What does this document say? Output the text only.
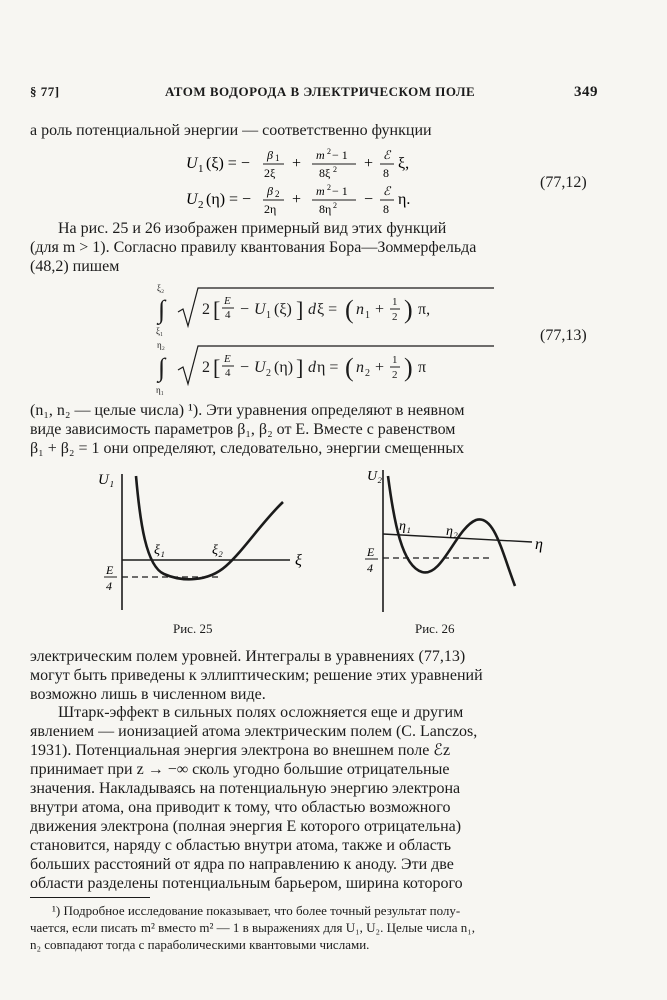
§ 77]	АТОМ ВОДОРОДА В ЭЛЕКТРИЧЕСКОМ ПОЛЕ	349
а роль потенциальной энергии — соответственно функции
U 1 (ξ) = − β 1
2ξ
+ m 2 − 1
8ξ 2 + ℰ
8
ξ,
U 2 (η) = − β 2
2η
+ m 2 − 1
8η 2 − ℰ
8
η.
(77,12)
На рис. 25 и 26 изображен примерный вид этих функций
(для m > 1). Согласно правилу квантования Бора—Зоммерфельда
(48,2) пишем
ξ₂
∫
ξ₁
2 [ E
4 − U 1 (ξ) ] d ξ = ( n 1 + 1
2 ) π,
η₂
∫
η₁
2 [ E
4 − U 2 (η) ] d η = ( n 2 + 1
2 ) π
(77,13)
(n₁, n₂ — целые числа) ¹). Эти уравнения определяют в неявном
виде зависимость параметров β₁, β₂ от E. Вместе с равенством
β₁ + β₂ = 1 они определяют, следовательно, энергии смещенных
U₁
ξ
ξ₁	ξ₂
E
4
Рис. 25
U₂
η
η₁	η₂
E
4
Рис. 26
электрическим полем уровней. Интегралы в уравнениях (77,13)
могут быть приведены к эллиптическим; решение этих уравнений
возможно лишь в численном виде.
Штарк-эффект в сильных полях осложняется еще и другим
явлением — ионизацией атома электрическим полем (C. Lanczos,
1931). Потенциальная энергия электрона во внешнем поле ℰz
принимает при z → −∞ сколь угодно большие отрицательные
значения. Накладываясь на потенциальную энергию электрона
внутри атома, она приводит к тому, что областью возможного
движения электрона (полная энергия E которого отрицательна)
становится, наряду с областью внутри атома, также и область
больших расстояний от ядра по направлению к аноду. Эти две
области разделены потенциальным барьером, ширина которого
¹) Подробное исследование показывает, что более точный результат полу-
чается, если писать m² вместо m² — 1 в выражениях для U₁, U₂. Целые числа n₁,
n₂ совпадают тогда с параболическими квантовыми числами.
